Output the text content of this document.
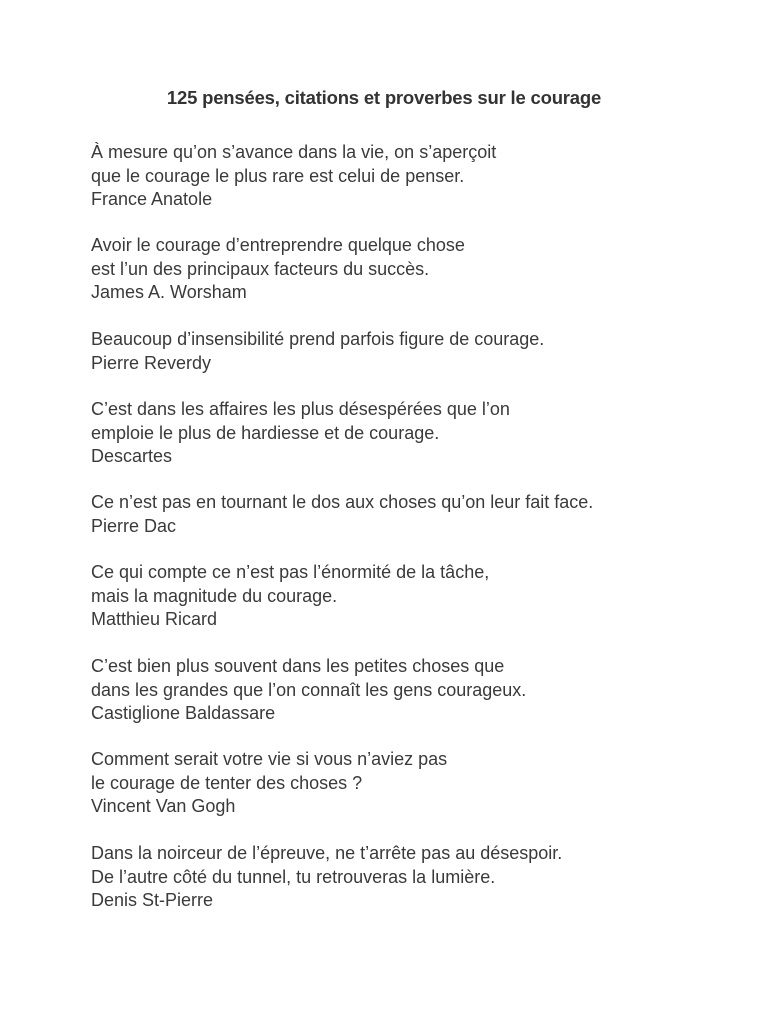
125 pensées, citations et proverbes sur le courage
À mesure qu’on s’avance dans la vie, on s’aperçoit
que le courage le plus rare est celui de penser.
France Anatole
Avoir le courage d’entreprendre quelque chose
est l’un des principaux facteurs du succès.
James A. Worsham
Beaucoup d’insensibilité prend parfois figure de courage.
Pierre Reverdy
C’est dans les affaires les plus désespérées que l’on
emploie le plus de hardiesse et de courage.
Descartes
Ce n’est pas en tournant le dos aux choses qu’on leur fait face.
Pierre Dac
Ce qui compte ce n’est pas l’énormité de la tâche,
mais la magnitude du courage.
Matthieu Ricard
C’est bien plus souvent dans les petites choses que
dans les grandes que l’on connaît les gens courageux.
Castiglione Baldassare
Comment serait votre vie si vous n’aviez pas
le courage de tenter des choses ?
Vincent Van Gogh
Dans la noirceur de l’épreuve, ne t’arrête pas au désespoir.
De l’autre côté du tunnel, tu retrouveras la lumière.
Denis St-Pierre
